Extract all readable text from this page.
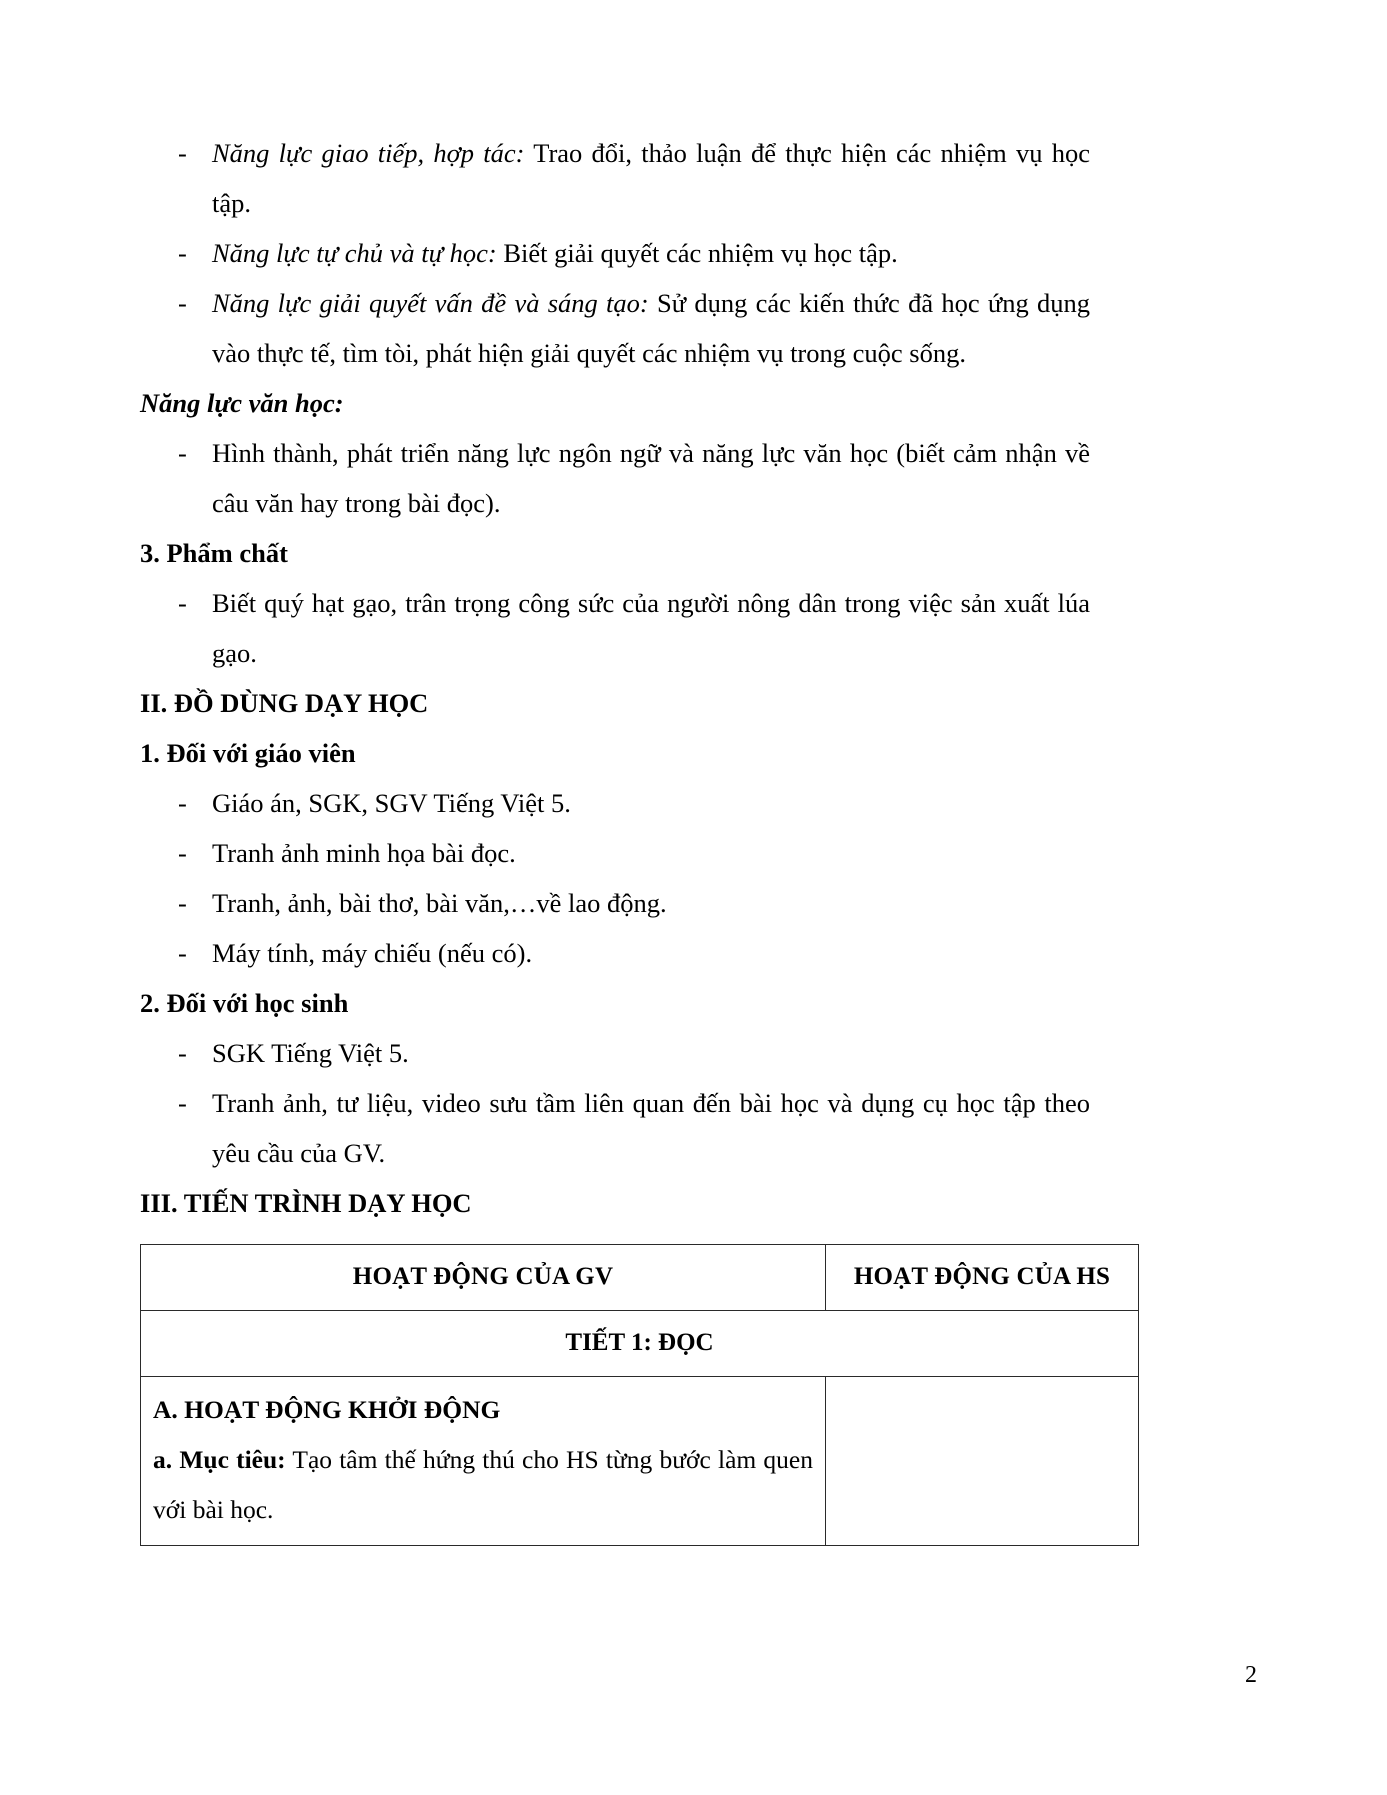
- Năng lực giao tiếp, hợp tác: Trao đổi, thảo luận để thực hiện các nhiệm vụ học tập.
- Năng lực tự chủ và tự học: Biết giải quyết các nhiệm vụ học tập.
- Năng lực giải quyết vấn đề và sáng tạo: Sử dụng các kiến thức đã học ứng dụng vào thực tế, tìm tòi, phát hiện giải quyết các nhiệm vụ trong cuộc sống.

Năng lực văn học:

- Hình thành, phát triển năng lực ngôn ngữ và năng lực văn học (biết cảm nhận về câu văn hay trong bài đọc).

3. Phẩm chất

- Biết quý hạt gạo, trân trọng công sức của người nông dân trong việc sản xuất lúa gạo.

II. ĐỒ DÙNG DẠY HỌC

1. Đối với giáo viên

- Giáo án, SGK, SGV Tiếng Việt 5.
- Tranh ảnh minh họa bài đọc.
- Tranh, ảnh, bài thơ, bài văn,…về lao động.
- Máy tính, máy chiếu (nếu có).

2. Đối với học sinh

- SGK Tiếng Việt 5.
- Tranh ảnh, tư liệu, video sưu tầm liên quan đến bài học và dụng cụ học tập theo yêu cầu của GV.

III. TIẾN TRÌNH DẠY HỌC

HOẠT ĐỘNG CỦA GV	HOẠT ĐỘNG CỦA HS
TIẾT 1: ĐỌC	

A. HOẠT ĐỘNG KHỞI ĐỘNG
a. Mục tiêu: Tạo tâm thế hứng thú cho HS từng bước làm quen với bài học.	

2
